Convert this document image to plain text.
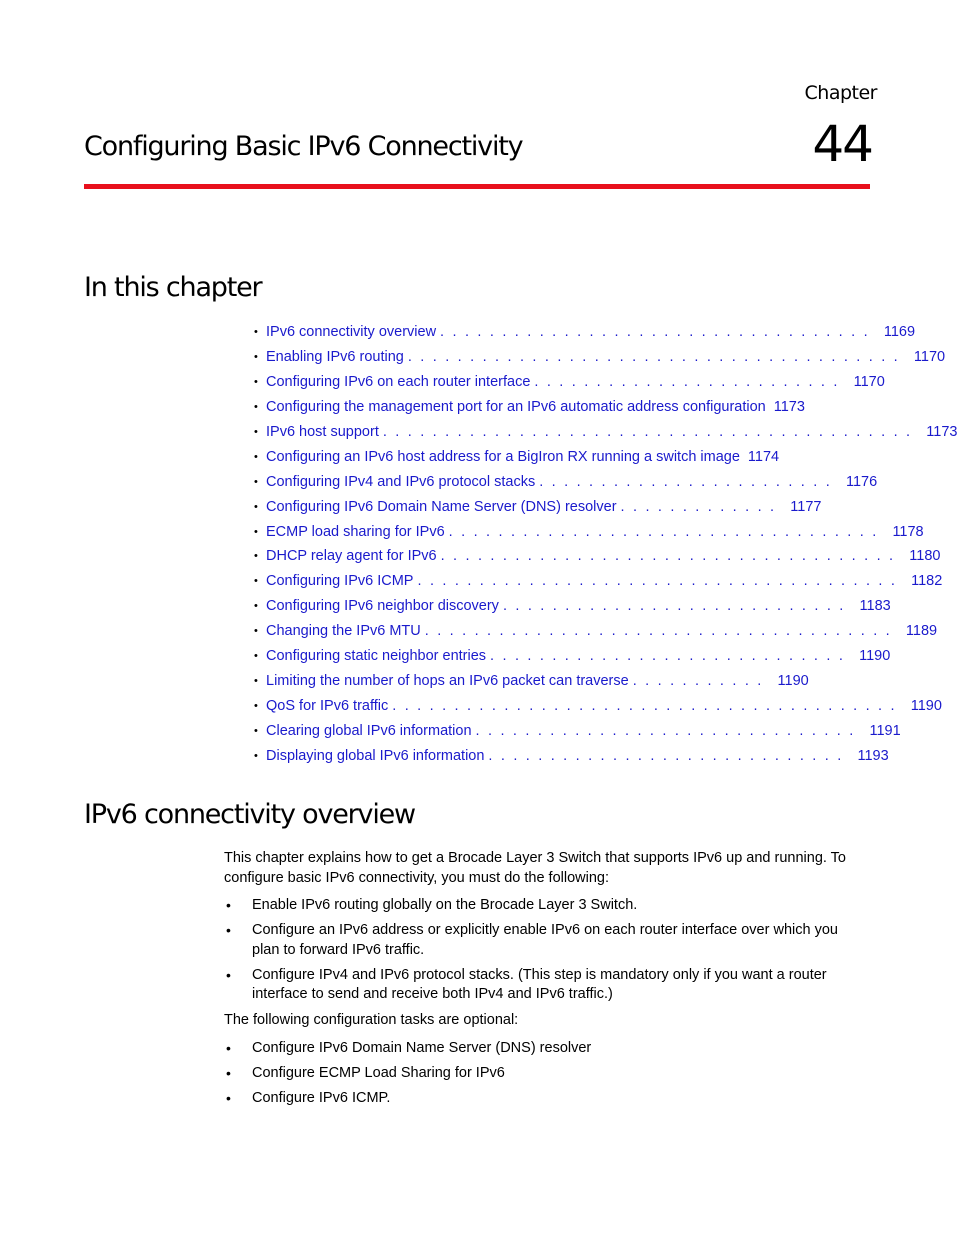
Chapter
44
Configuring Basic IPv6 Connectivity
In this chapter
• IPv6 connectivity overview . . . . . . . . . . . . . . . . . . . . . . . . . . . . . . . . . . . 1169
• Enabling IPv6 routing . . . . . . . . . . . . . . . . . . . . . . . . . . . . . . . . . . . . . . . . 1170
• Configuring IPv6 on each router interface . . . . . . . . . . . . . . . . . . . . . . . . . 1170
• Configuring the management port for an IPv6 automatic address configuration 1173
• IPv6 host support . . . . . . . . . . . . . . . . . . . . . . . . . . . . . . . . . . . . . . . . . . . 1173
• Configuring an IPv6 host address for a BigIron RX running a switch image 1174
• Configuring IPv4 and IPv6 protocol stacks . . . . . . . . . . . . . . . . . . . . . . . . 1176
• Configuring IPv6 Domain Name Server (DNS) resolver . . . . . . . . . . . . . 1177
• ECMP load sharing for IPv6 . . . . . . . . . . . . . . . . . . . . . . . . . . . . . . . . . . . 1178
• DHCP relay agent for IPv6 . . . . . . . . . . . . . . . . . . . . . . . . . . . . . . . . . . . . . 1180
• Configuring IPv6 ICMP . . . . . . . . . . . . . . . . . . . . . . . . . . . . . . . . . . . . . . . 1182
• Configuring IPv6 neighbor discovery . . . . . . . . . . . . . . . . . . . . . . . . . . . . 1183
• Changing the IPv6 MTU . . . . . . . . . . . . . . . . . . . . . . . . . . . . . . . . . . . . . . 1189
• Configuring static neighbor entries . . . . . . . . . . . . . . . . . . . . . . . . . . . . . 1190
• Limiting the number of hops an IPv6 packet can traverse . . . . . . . . . . . 1190
• QoS for IPv6 traffic . . . . . . . . . . . . . . . . . . . . . . . . . . . . . . . . . . . . . . . . . 1190
• Clearing global IPv6 information . . . . . . . . . . . . . . . . . . . . . . . . . . . . . . . 1191
• Displaying global IPv6 information . . . . . . . . . . . . . . . . . . . . . . . . . . . . . 1193
IPv6 connectivity overview

This chapter explains how to get a Brocade Layer 3 Switch that supports IPv6 up and running. To configure basic IPv6 connectivity, you must do the following:

• Enable IPv6 routing globally on the Brocade Layer 3 Switch.
• Configure an IPv6 address or explicitly enable IPv6 on each router interface over which you plan to forward IPv6 traffic.
• Configure IPv4 and IPv6 protocol stacks. (This step is mandatory only if you want a router interface to send and receive both IPv4 and IPv6 traffic.)

The following configuration tasks are optional:

• Configure IPv6 Domain Name Server (DNS) resolver
• Configure ECMP Load Sharing for IPv6
• Configure IPv6 ICMP.
